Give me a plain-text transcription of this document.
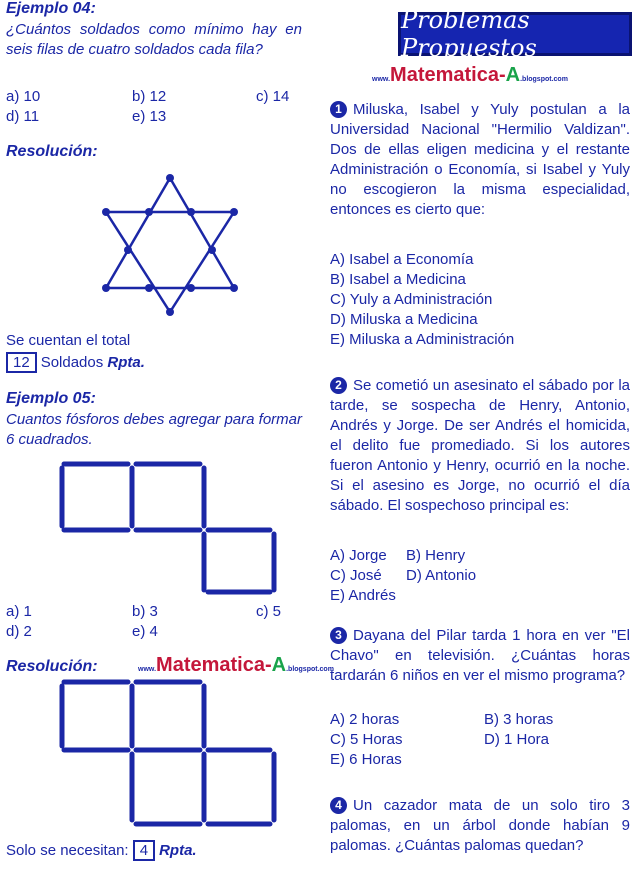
Ejemplo 04:
¿Cuántos soldados como mínimo hay en seis filas de cuatro soldados cada fila?
a) 10	b) 12	c) 14
d) 11	e) 13
Resolución:
Se cuentan el total
12 Soldados Rpta.
Ejemplo 05:
Cuantos fósforos debes agregar para formar 6 cuadrados.
a) 1	b) 3	c) 5
d) 2	e) 4
Resolución:	www.Matematica-A.blogspot.com
Solo se necesitan: 4 Rpta.
Problemas Propuestos
www.Matematica-A.blogspot.com
1 Miluska, Isabel y Yuly postulan a la Universidad Nacional "Hermilio Valdizan". Dos de ellas eligen medicina y el restante Administración o Economía, si Isabel y Yuly no escogieron la misma especialidad, entonces es cierto que:
A) Isabel a Economía
B) Isabel a Medicina
C) Yuly a Administración
D) Miluska a Medicina
E) Miluska a Administración
2 Se cometió un asesinato el sábado por la tarde, se sospecha de Henry, Antonio, Andrés y Jorge. De ser Andrés el homicida, el delito fue promediado. Si los autores fueron Antonio y Henry, ocurrió en la noche. Si el asesino es Jorge, no ocurrió el día sábado. El sospechoso principal es:
A) Jorge B) Henry
C) José D) Antonio
E) Andrés
3 Dayana del Pilar tarda 1 hora en ver "El Chavo" en televisión. ¿Cuántas horas tardarán 6 niños en ver el mismo programa?
A) 2 horas	B) 3 horas
C) 5 Horas	D) 1 Hora
E) 6 Horas
4 Un cazador mata de un solo tiro 3 palomas, en un árbol donde habían 9 palomas. ¿Cuántas palomas quedan?
